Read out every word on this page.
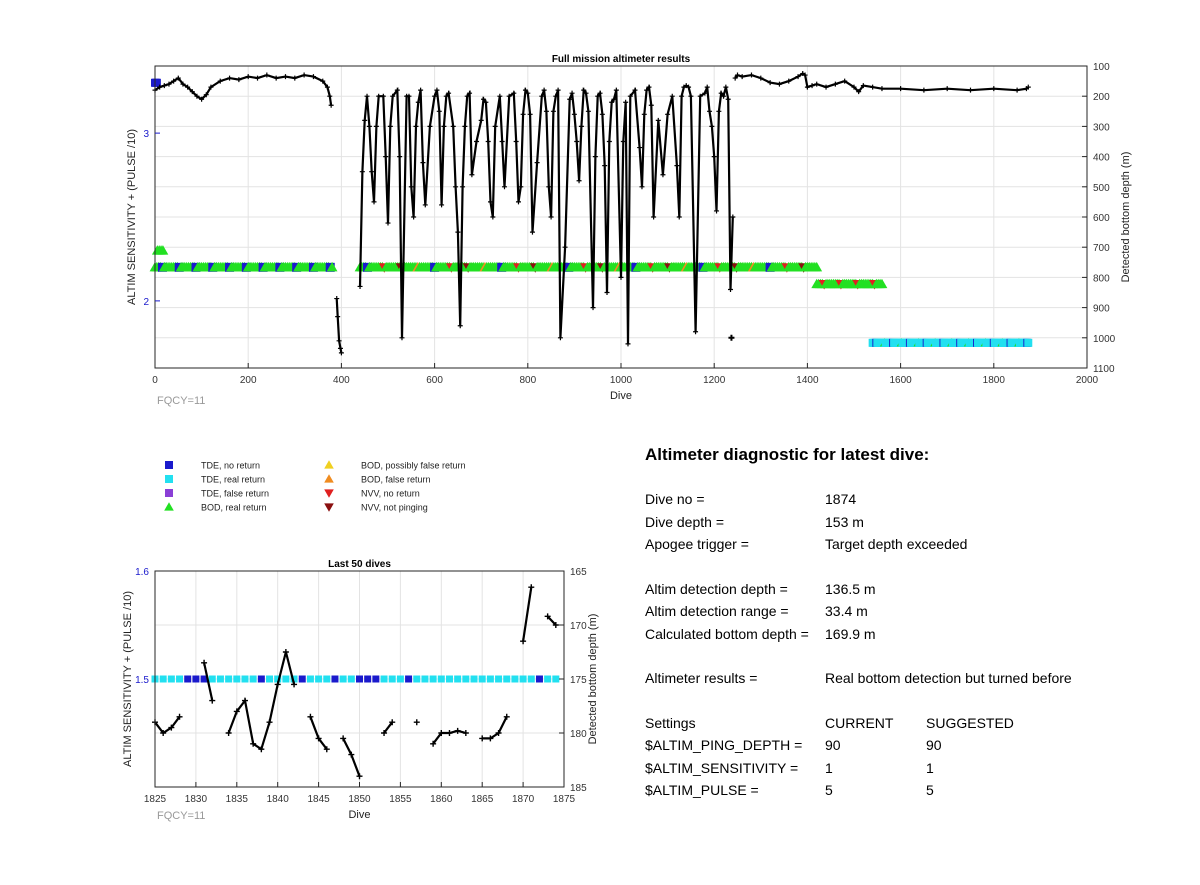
0	200	400	600	800	1000	1200	1400	1600	1800	2000
100
200
300
400
500
600
700
800
900
1000
1100
2
3
Full mission altimeter results
Dive
FQCY=11
ALTIM SENSITIVITY + (PULSE /10)	Detected bottom depth (m)
TDE, no return
TDE, real return
TDE, false return
BOD, real return
BOD, possibly false return
BOD, false return
NVV, no return
NVV, not pinging
1825 1830 1835 1840 1845 1850 1855 1860 1865 1870 1875
165
170
175
180
185
1.5
1.6
Last 50 dives
Dive
FQCY=11
ALTIM SENSITIVITY + (PULSE /10)	Detected bottom depth (m)
Altimeter diagnostic for latest dive:
Dive no =	1874
Dive depth =	153 m
Apogee trigger =	Target depth exceeded
Altim detection depth =	136.5 m
Altim detection range =	33.4 m
Calculated bottom depth = 169.9 m
Altimeter results =	Real bottom detection but turned before
Settings	CURRENT SUGGESTED
$ALTIM_PING_DEPTH = 90	90
$ALTIM_SENSITIVITY = 1	1
$ALTIM_PULSE =	5	5
